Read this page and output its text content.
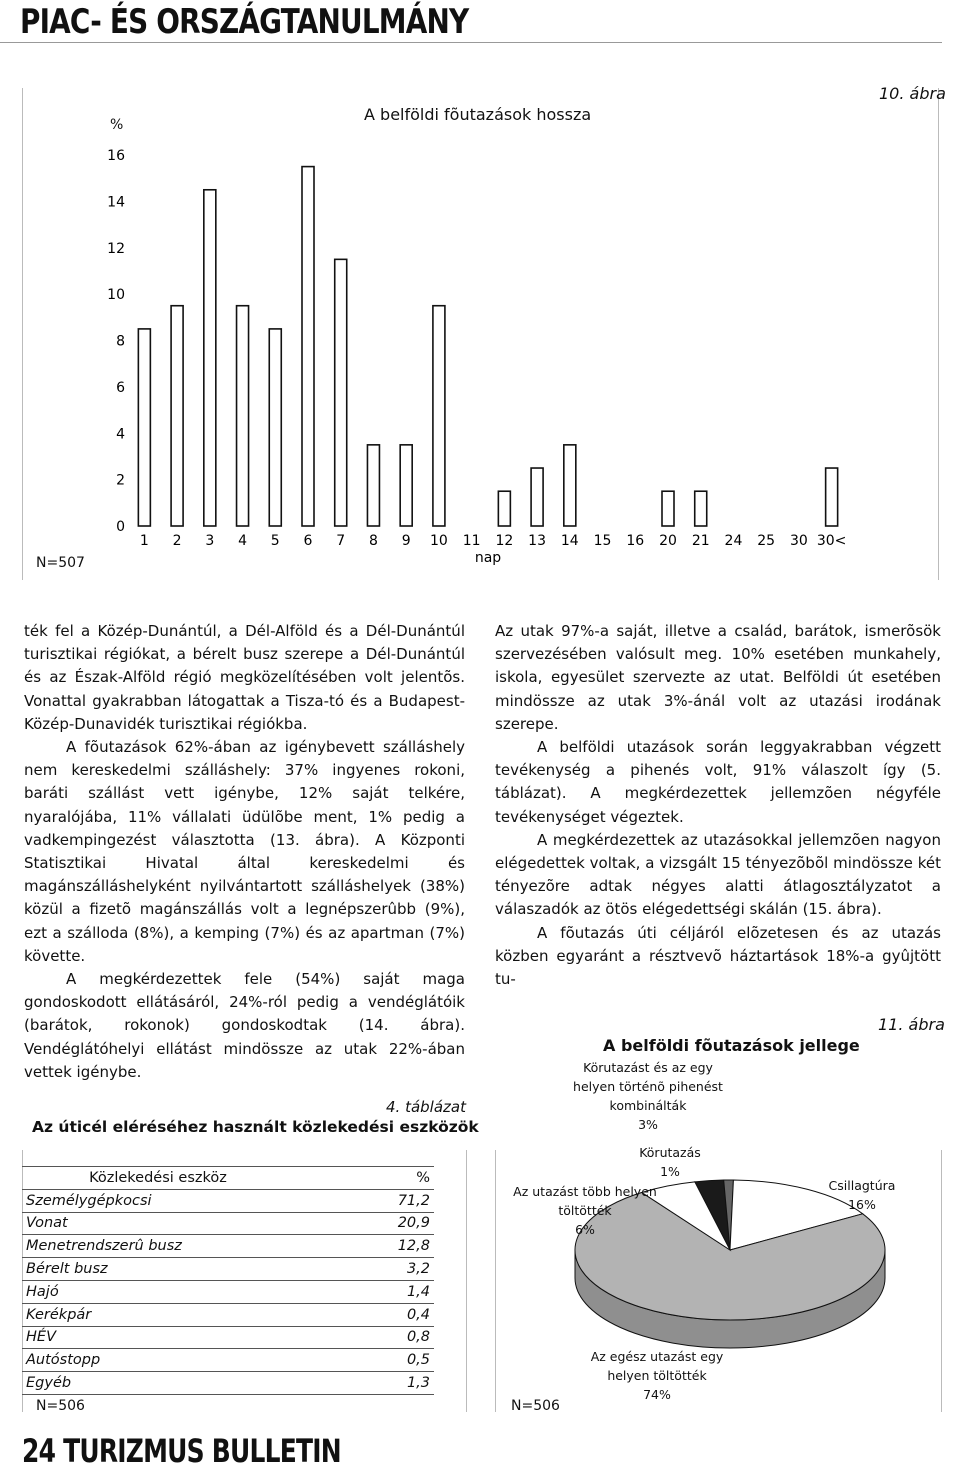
PIAC- ÉS ORSZÁGTANULMÁNY
%
A belföldi fõutazások hossza
10. ábra
N=507
0
2
4
6
8
10
12
14
16
1 2 3 4 5 6 7 8 9 10 11 12 13 14 15 16 20 21 24 25 30 30<
nap

ték fel a Közép-Dunántúl, a Dél-Alföld és a Dél-Dunántúl turisztikai régiókat, a bérelt busz szerepe a Dél-Dunántúl és az Észak-Alföld régió megközelítésében volt jelentõs. Vonattal gyakrabban látogattak a Tisza-tó és a Budapest-Közép-Dunavidék turisztikai régiókba.

A fõutazások 62%-ában az igénybevett szálláshely nem kereskedelmi szálláshely: 37% ingyenes rokoni, baráti szállást vett igénybe, 12% saját telkére, nyaralójába, 11% vállalati üdülõbe ment, 1% pedig a vadkempingezést választotta (13. ábra). A Központi Statisztikai Hivatal által kereskedelmi és magánszálláshelyként nyilvántartott szálláshelyek (38%) közül a fizetõ magánszállás volt a legnépszerûbb (9%), ezt a szálloda (8%), a kemping (7%) és az apartman (7%) követte.

A megkérdezettek fele (54%) saját maga gondoskodott ellátásáról, 24%-ról pedig a vendéglátóik (barátok, rokonok) gondoskodtak (14. ábra). Vendéglátóhelyi ellátást mindössze az utak 22%-ában vettek igénybe.

Az utak 97%-a saját, illetve a család, barátok, ismerõsök szervezésében valósult meg. 10% esetében munkahely, iskola, egyesület szervezte az utat. Belföldi út esetében mindössze az utak 3%-ánál volt az utazási irodának szerepe.

A belföldi utazások során leggyakrabban végzett tevékenység a pihenés volt, 91% válaszolt így (5. táblázat). A megkérdezettek jellemzõen négyféle tevékenységet végeztek.

A megkérdezettek az utazásokkal jellemzõen nagyon elégedettek voltak, a vizsgált 15 tényezõbõl mindössze két tényezõre adtak négyes alatti átlagosztályzatot a válaszadók az ötös elégedettségi skálán (15. ábra).

A fõutazás úti céljáról elõzetesen és az utazás közben egyaránt a résztvevõ háztartások 18%-a gyûjtött tu-

4. táblázat
Az úticél eléréséhez használt közlekedési eszközök
Közlekedési eszköz	%
Személygépkocsi	71,2
Vonat	20,9
Menetrendszerû busz	12,8
Bérelt busz	3,2
Hajó	1,4
Kerékpár	0,4
HÉV	0,8
Autóstopp	0,5
Egyéb	1,3
N=506
11. ábra
A belföldi fõutazások jellege
N=506
Körutazást és az egy
helyen történõ pihenést
kombinálták
3%
Körutazás
1%
Az utazást több helyen
töltötték
6%
Csillagtúra
16%
Az egész utazást egy
helyen töltötték
74%
24 TURIZMUS BULLETIN
